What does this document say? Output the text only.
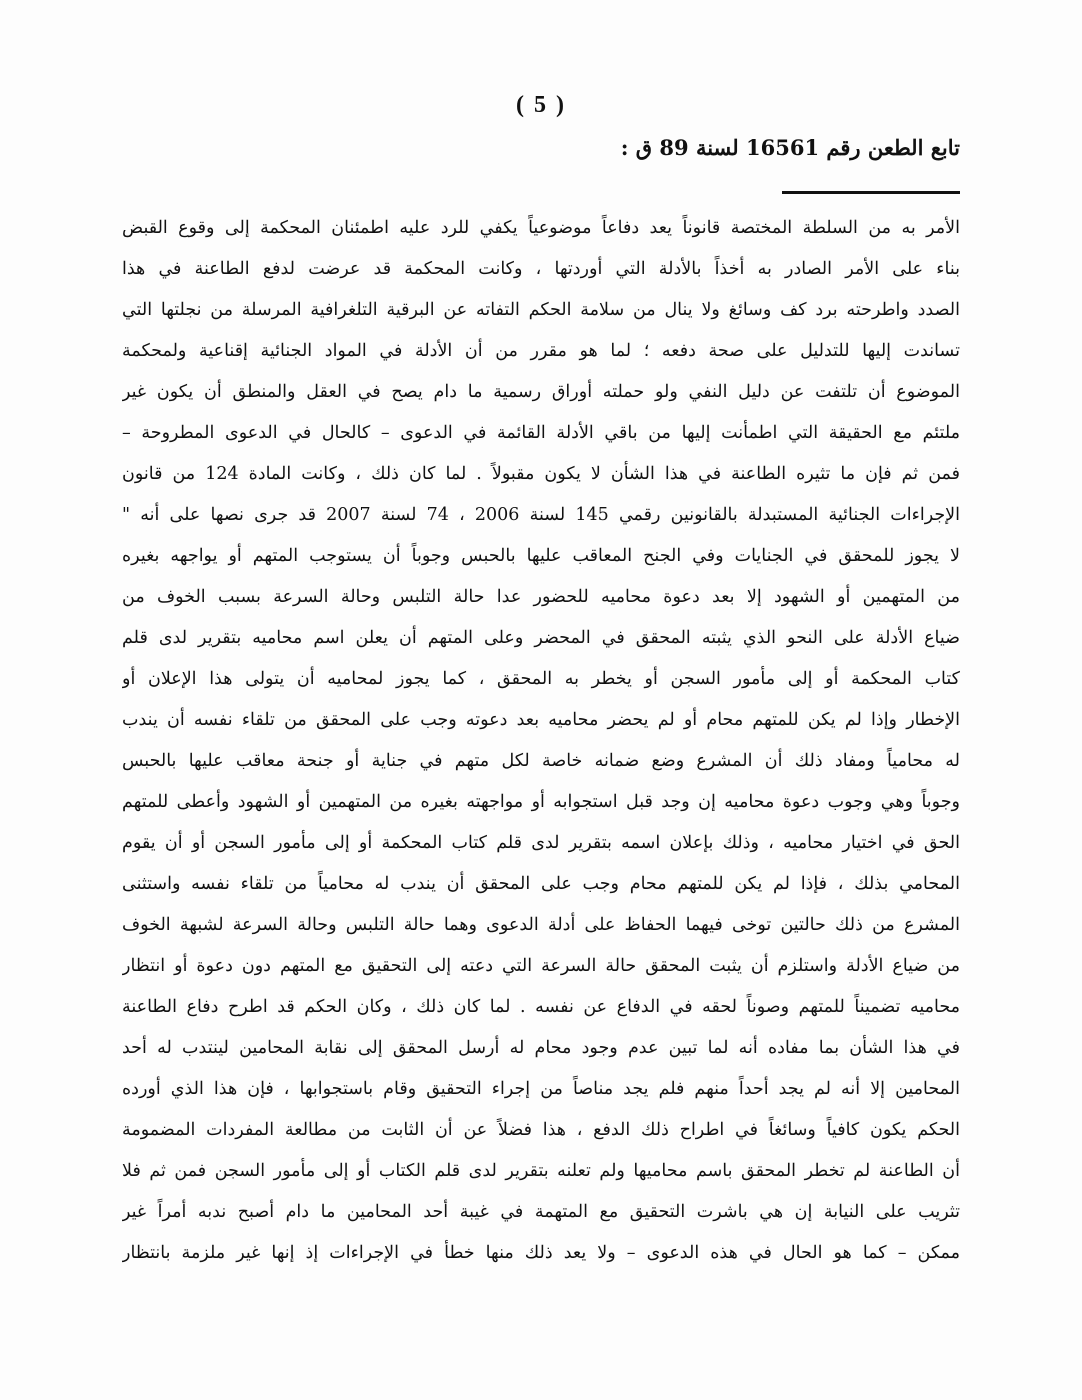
( 5 )
تابع الطعن رقم 16561 لسنة 89 ق :
الأمر به من السلطة المختصة قانوناً يعد دفاعاً موضوعياً يكفي للرد عليه اطمئنان المحكمة إلى وقوع القبض
بناء على الأمر الصادر به أخذاً بالأدلة التي أوردتها ، وكانت المحكمة قد عرضت لدفع الطاعنة في هذا
الصدد واطرحته برد كف وسائغ ولا ينال من سلامة الحكم التفاته عن البرقية التلغرافية المرسلة من نجلتها التي
تساندت إليها للتدليل على صحة دفعه ؛ لما هو مقرر من أن الأدلة في المواد الجنائية إقناعية ولمحكمة
الموضوع أن تلتفت عن دليل النفي ولو حملته أوراق رسمية ما دام يصح في العقل والمنطق أن يكون غير
ملتئم مع الحقيقة التي اطمأنت إليها من باقي الأدلة القائمة في الدعوى – كالحال في الدعوى المطروحة –
فمن ثم فإن ما تثيره الطاعنة في هذا الشأن لا يكون مقبولاً . لما كان ذلك ، وكانت المادة 124 من قانون
الإجراءات الجنائية المستبدلة بالقانونين رقمي 145 لسنة 2006 ، 74 لسنة 2007 قد جرى نصها على أنه "
لا يجوز للمحقق في الجنايات وفي الجنح المعاقب عليها بالحبس وجوباً أن يستوجب المتهم أو يواجهه بغيره
من المتهمين أو الشهود إلا بعد دعوة محاميه للحضور عدا حالة التلبس وحالة السرعة بسبب الخوف من
ضياع الأدلة على النحو الذي يثبته المحقق في المحضر وعلى المتهم أن يعلن اسم محاميه بتقرير لدى قلم
كتاب المحكمة أو إلى مأمور السجن أو يخطر به المحقق ، كما يجوز لمحاميه أن يتولى هذا الإعلان أو
الإخطار وإذا لم يكن للمتهم محام أو لم يحضر محاميه بعد دعوته وجب على المحقق من تلقاء نفسه أن يندب
له محامياً ومفاد ذلك أن المشرع وضع ضمانه خاصة لكل متهم في جناية أو جنحة معاقب عليها بالحبس
وجوباً وهي وجوب دعوة محاميه إن وجد قبل استجوابه أو مواجهته بغيره من المتهمين أو الشهود وأعطى للمتهم
الحق في اختيار محاميه ، وذلك بإعلان اسمه بتقرير لدى قلم كتاب المحكمة أو إلى مأمور السجن أو أن يقوم
المحامي بذلك ، فإذا لم يكن للمتهم محام وجب على المحقق أن يندب له محامياً من تلقاء نفسه واستثنى
المشرع من ذلك حالتين توخى فيهما الحفاظ على أدلة الدعوى وهما حالة التلبس وحالة السرعة لشبهة الخوف
من ضياع الأدلة واستلزم أن يثبت المحقق حالة السرعة التي دعته إلى التحقيق مع المتهم دون دعوة أو انتظار
محاميه تضميناً للمتهم وصوناً لحقه في الدفاع عن نفسه . لما كان ذلك ، وكان الحكم قد اطرح دفاع الطاعنة
في هذا الشأن بما مفاده أنه لما تبين عدم وجود محام له أرسل المحقق إلى نقابة المحامين لينتدب له أحد
المحامين إلا أنه لم يجد أحداً منهم فلم يجد مناصاً من إجراء التحقيق وقام باستجوابها ، فإن هذا الذي أورده
الحكم يكون كافياً وسائغاً في اطراح ذلك الدفع ، هذا فضلاً عن أن الثابت من مطالعة المفردات المضمومة
أن الطاعنة لم تخطر المحقق باسم محاميها ولم تعلنه بتقرير لدى قلم الكتاب أو إلى مأمور السجن فمن ثم فلا
تثريب على النيابة إن هي باشرت التحقيق مع المتهمة في غيبة أحد المحامين ما دام أصبح ندبه أمراً غير
ممكن – كما هو الحال في هذه الدعوى – ولا يعد ذلك منها خطأ في الإجراءات إذ إنها غير ملزمة بانتظار
